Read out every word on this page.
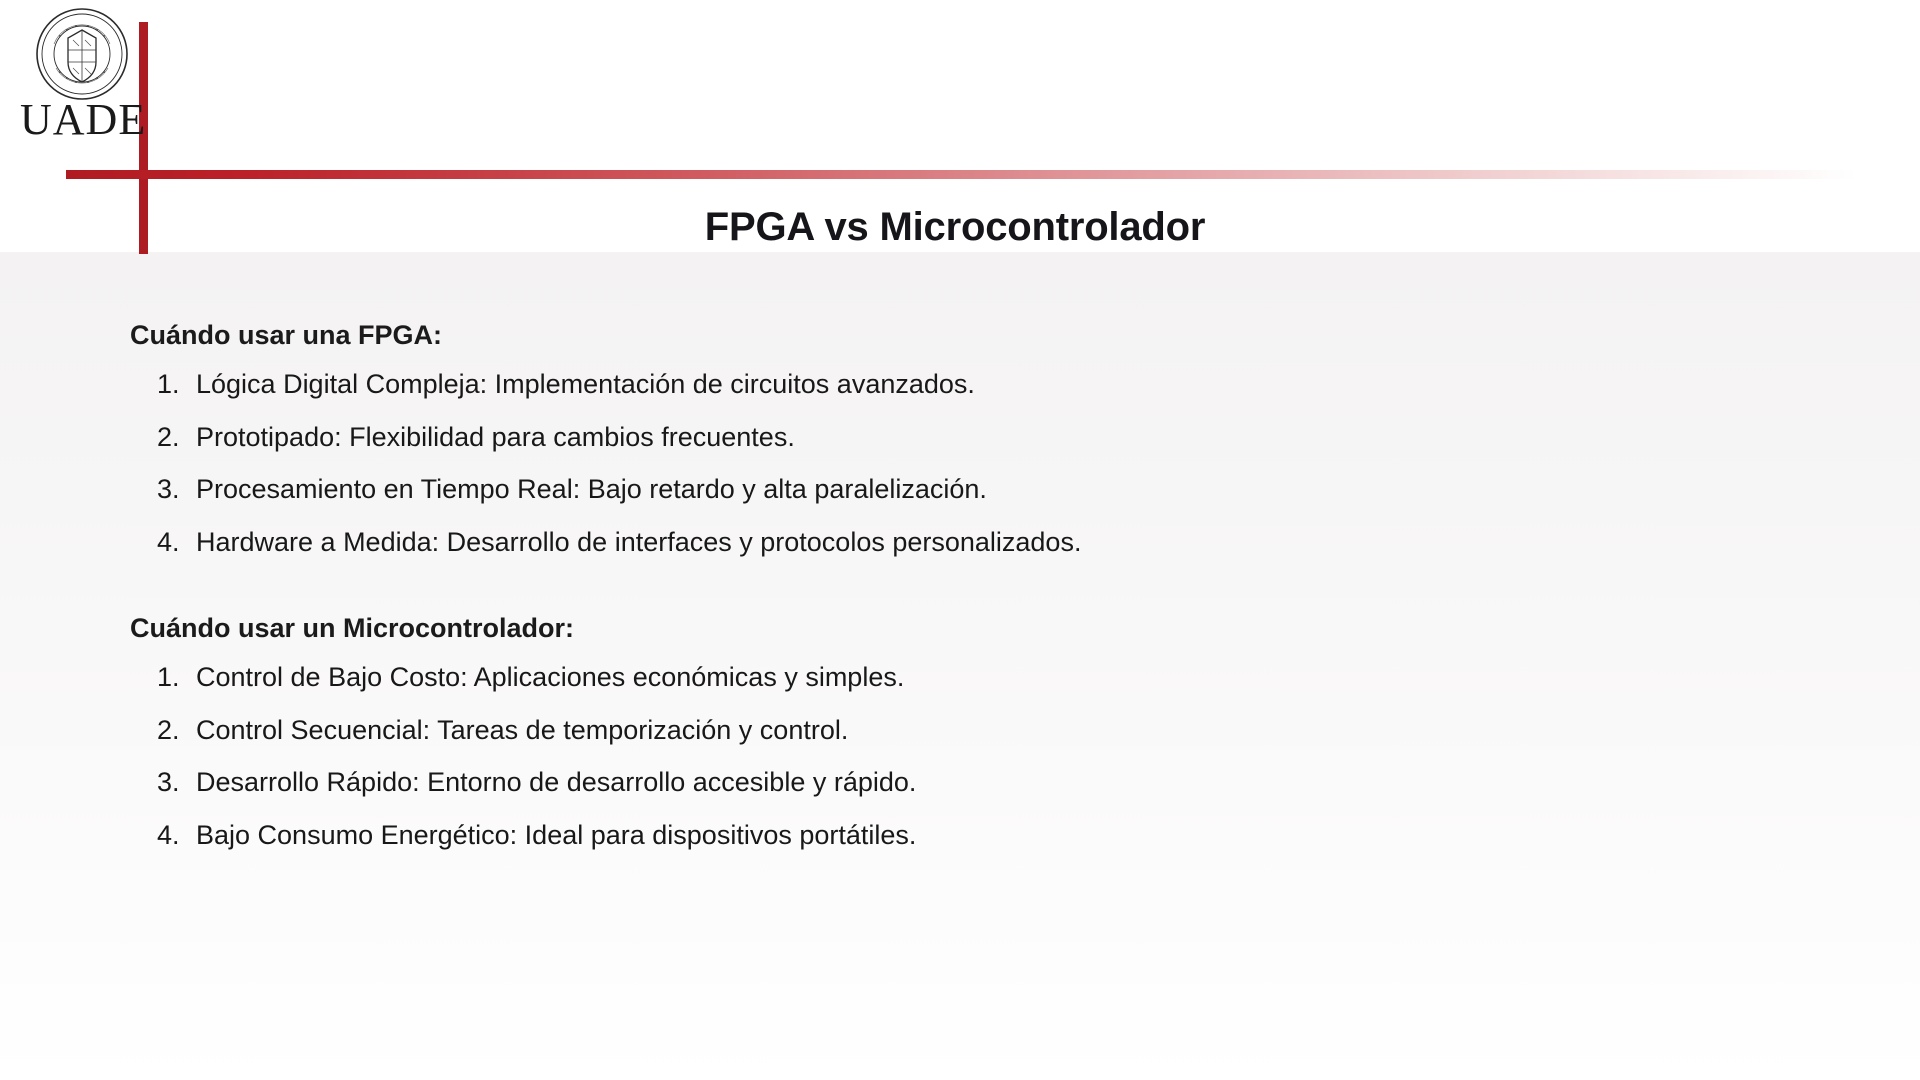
UADE
FPGA vs Microcontrolador
Cuándo usar una FPGA:
Lógica Digital Compleja: Implementación de circuitos avanzados.
Prototipado: Flexibilidad para cambios frecuentes.
Procesamiento en Tiempo Real: Bajo retardo y alta paralelización.
Hardware a Medida: Desarrollo de interfaces y protocolos personalizados.
Cuándo usar un Microcontrolador:
Control de Bajo Costo: Aplicaciones económicas y simples.
Control Secuencial: Tareas de temporización y control.
Desarrollo Rápido: Entorno de desarrollo accesible y rápido.
Bajo Consumo Energético: Ideal para dispositivos portátiles.
